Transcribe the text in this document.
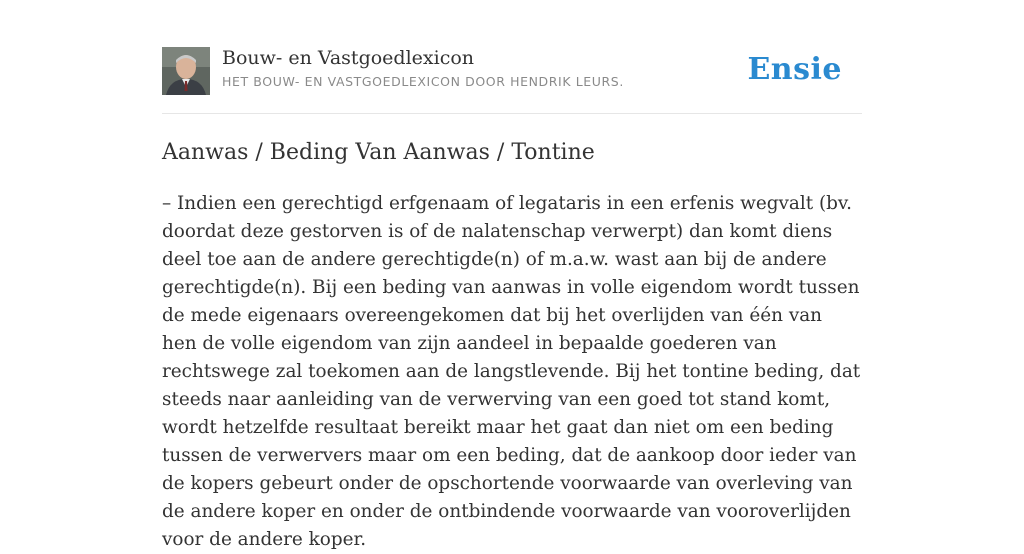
Bouw- en Vastgoedlexicon
HET BOUW- EN VASTGOEDLEXICON DOOR HENDRIK LEURS.	Ensie
Aanwas / Beding Van Aanwas / Tontine

– Indien een gerechtigd erfgenaam of legataris in een erfenis wegvalt (bv. doordat deze gestorven is of de nalatenschap verwerpt) dan komt diens deel toe aan de andere gerechtigde(n) of m.a.w. wast aan bij de andere gerechtigde(n). Bij een beding van aanwas in volle eigendom wordt tussen de mede eigenaars overeengekomen dat bij het overlijden van één van hen de volle eigendom van zijn aandeel in bepaalde goederen van rechtswege zal toekomen aan de langstlevende. Bij het tontine beding, dat steeds naar aanleiding van de verwerving van een goed tot stand komt, wordt hetzelfde resultaat bereikt maar het gaat dan niet om een beding tussen de verwervers maar om een beding, dat de aankoop door ieder van de kopers gebeurt onder de opschortende voorwaarde van overleving van de andere koper en onder de ontbindende voorwaarde van vooroverlijden voor de andere koper.
